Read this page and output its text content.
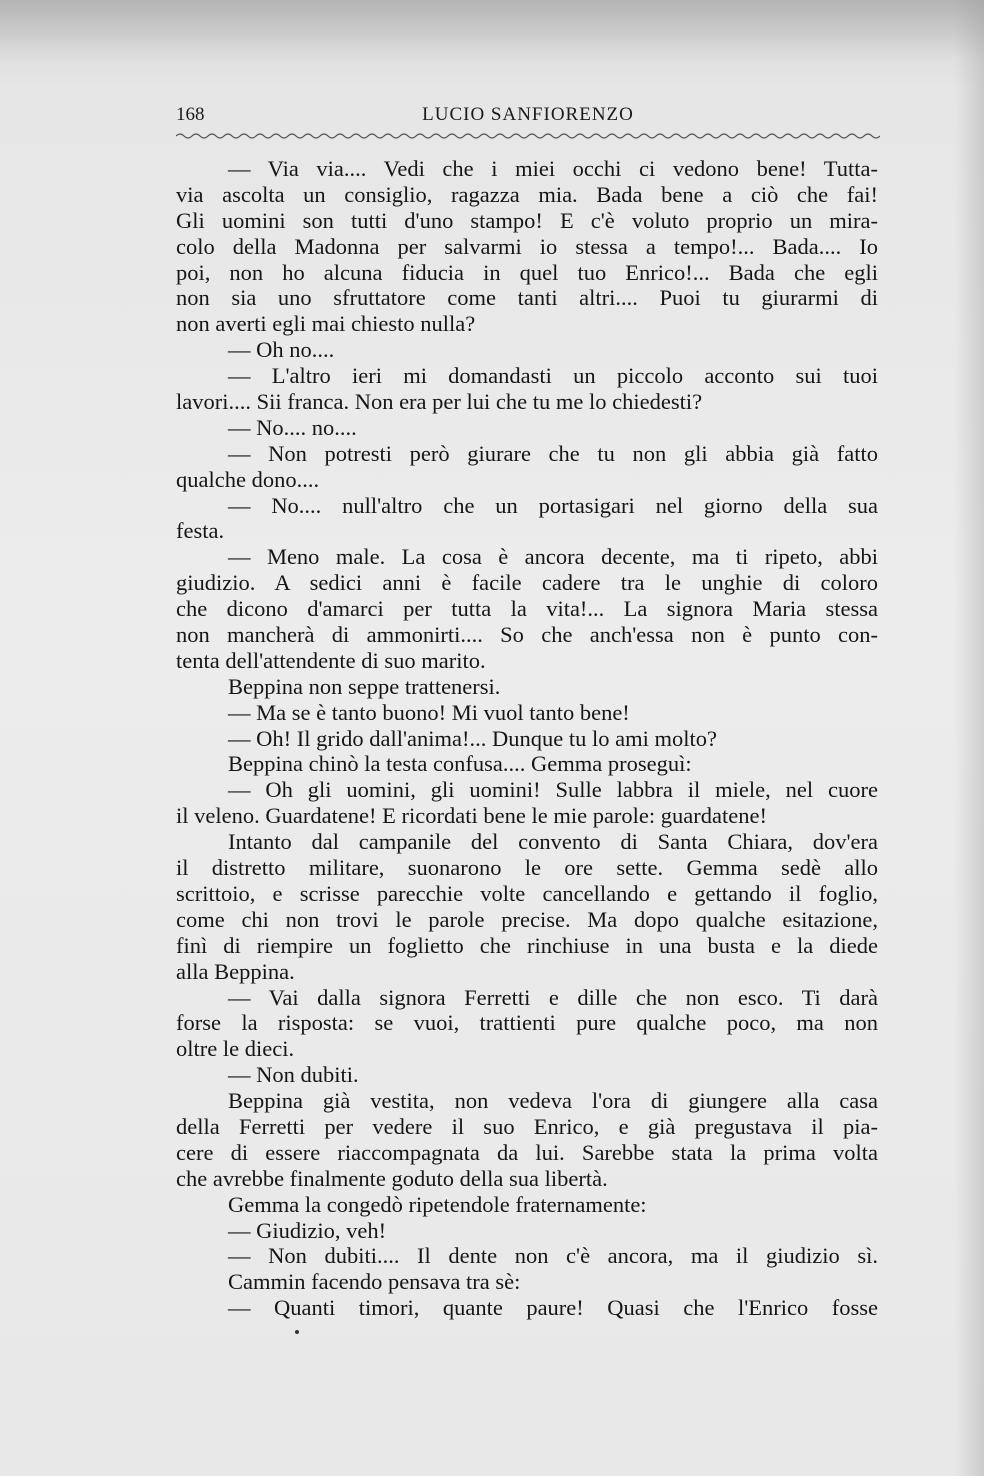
168	LUCIO SANFIORENZO
— Via via.... Vedi che i miei occhi ci vedono bene! Tutta-
via ascolta un consiglio, ragazza mia. Bada bene a ciò che fai!
Gli uomini son tutti d'uno stampo! E c'è voluto proprio un mira-
colo della Madonna per salvarmi io stessa a tempo!... Bada.... Io
poi, non ho alcuna fiducia in quel tuo Enrico!... Bada che egli
non sia uno sfruttatore come tanti altri.... Puoi tu giurarmi di
non averti egli mai chiesto nulla?
— Oh no....
— L'altro ieri mi domandasti un piccolo acconto sui tuoi
lavori.... Sii franca. Non era per lui che tu me lo chiedesti?
— No.... no....
— Non potresti però giurare che tu non gli abbia già fatto
qualche dono....
— No.... null'altro che un portasigari nel giorno della sua
festa.
— Meno male. La cosa è ancora decente, ma ti ripeto, abbi
giudizio. A sedici anni è facile cadere tra le unghie di coloro
che dicono d'amarci per tutta la vita!... La signora Maria stessa
non mancherà di ammonirti.... So che anch'essa non è punto con-
tenta dell'attendente di suo marito.
Beppina non seppe trattenersi.
— Ma se è tanto buono! Mi vuol tanto bene!
— Oh! Il grido dall'anima!... Dunque tu lo ami molto?
Beppina chinò la testa confusa.... Gemma proseguì:
— Oh gli uomini, gli uomini! Sulle labbra il miele, nel cuore
il veleno. Guardatene! E ricordati bene le mie parole: guardatene!
Intanto dal campanile del convento di Santa Chiara, dov'era
il distretto militare, suonarono le ore sette. Gemma sedè allo
scrittoio, e scrisse parecchie volte cancellando e gettando il foglio,
come chi non trovi le parole precise. Ma dopo qualche esitazione,
finì di riempire un foglietto che rinchiuse in una busta e la diede
alla Beppina.
— Vai dalla signora Ferretti e dille che non esco. Ti darà
forse la risposta: se vuoi, trattienti pure qualche poco, ma non
oltre le dieci.
— Non dubiti.
Beppina già vestita, non vedeva l'ora di giungere alla casa
della Ferretti per vedere il suo Enrico, e già pregustava il pia-
cere di essere riaccompagnata da lui. Sarebbe stata la prima volta
che avrebbe finalmente goduto della sua libertà.
Gemma la congedò ripetendole fraternamente:
— Giudizio, veh!
— Non dubiti.... Il dente non c'è ancora, ma il giudizio sì.
Cammin facendo pensava tra sè:
— Quanti timori, quante paure! Quasi che l'Enrico fosse
